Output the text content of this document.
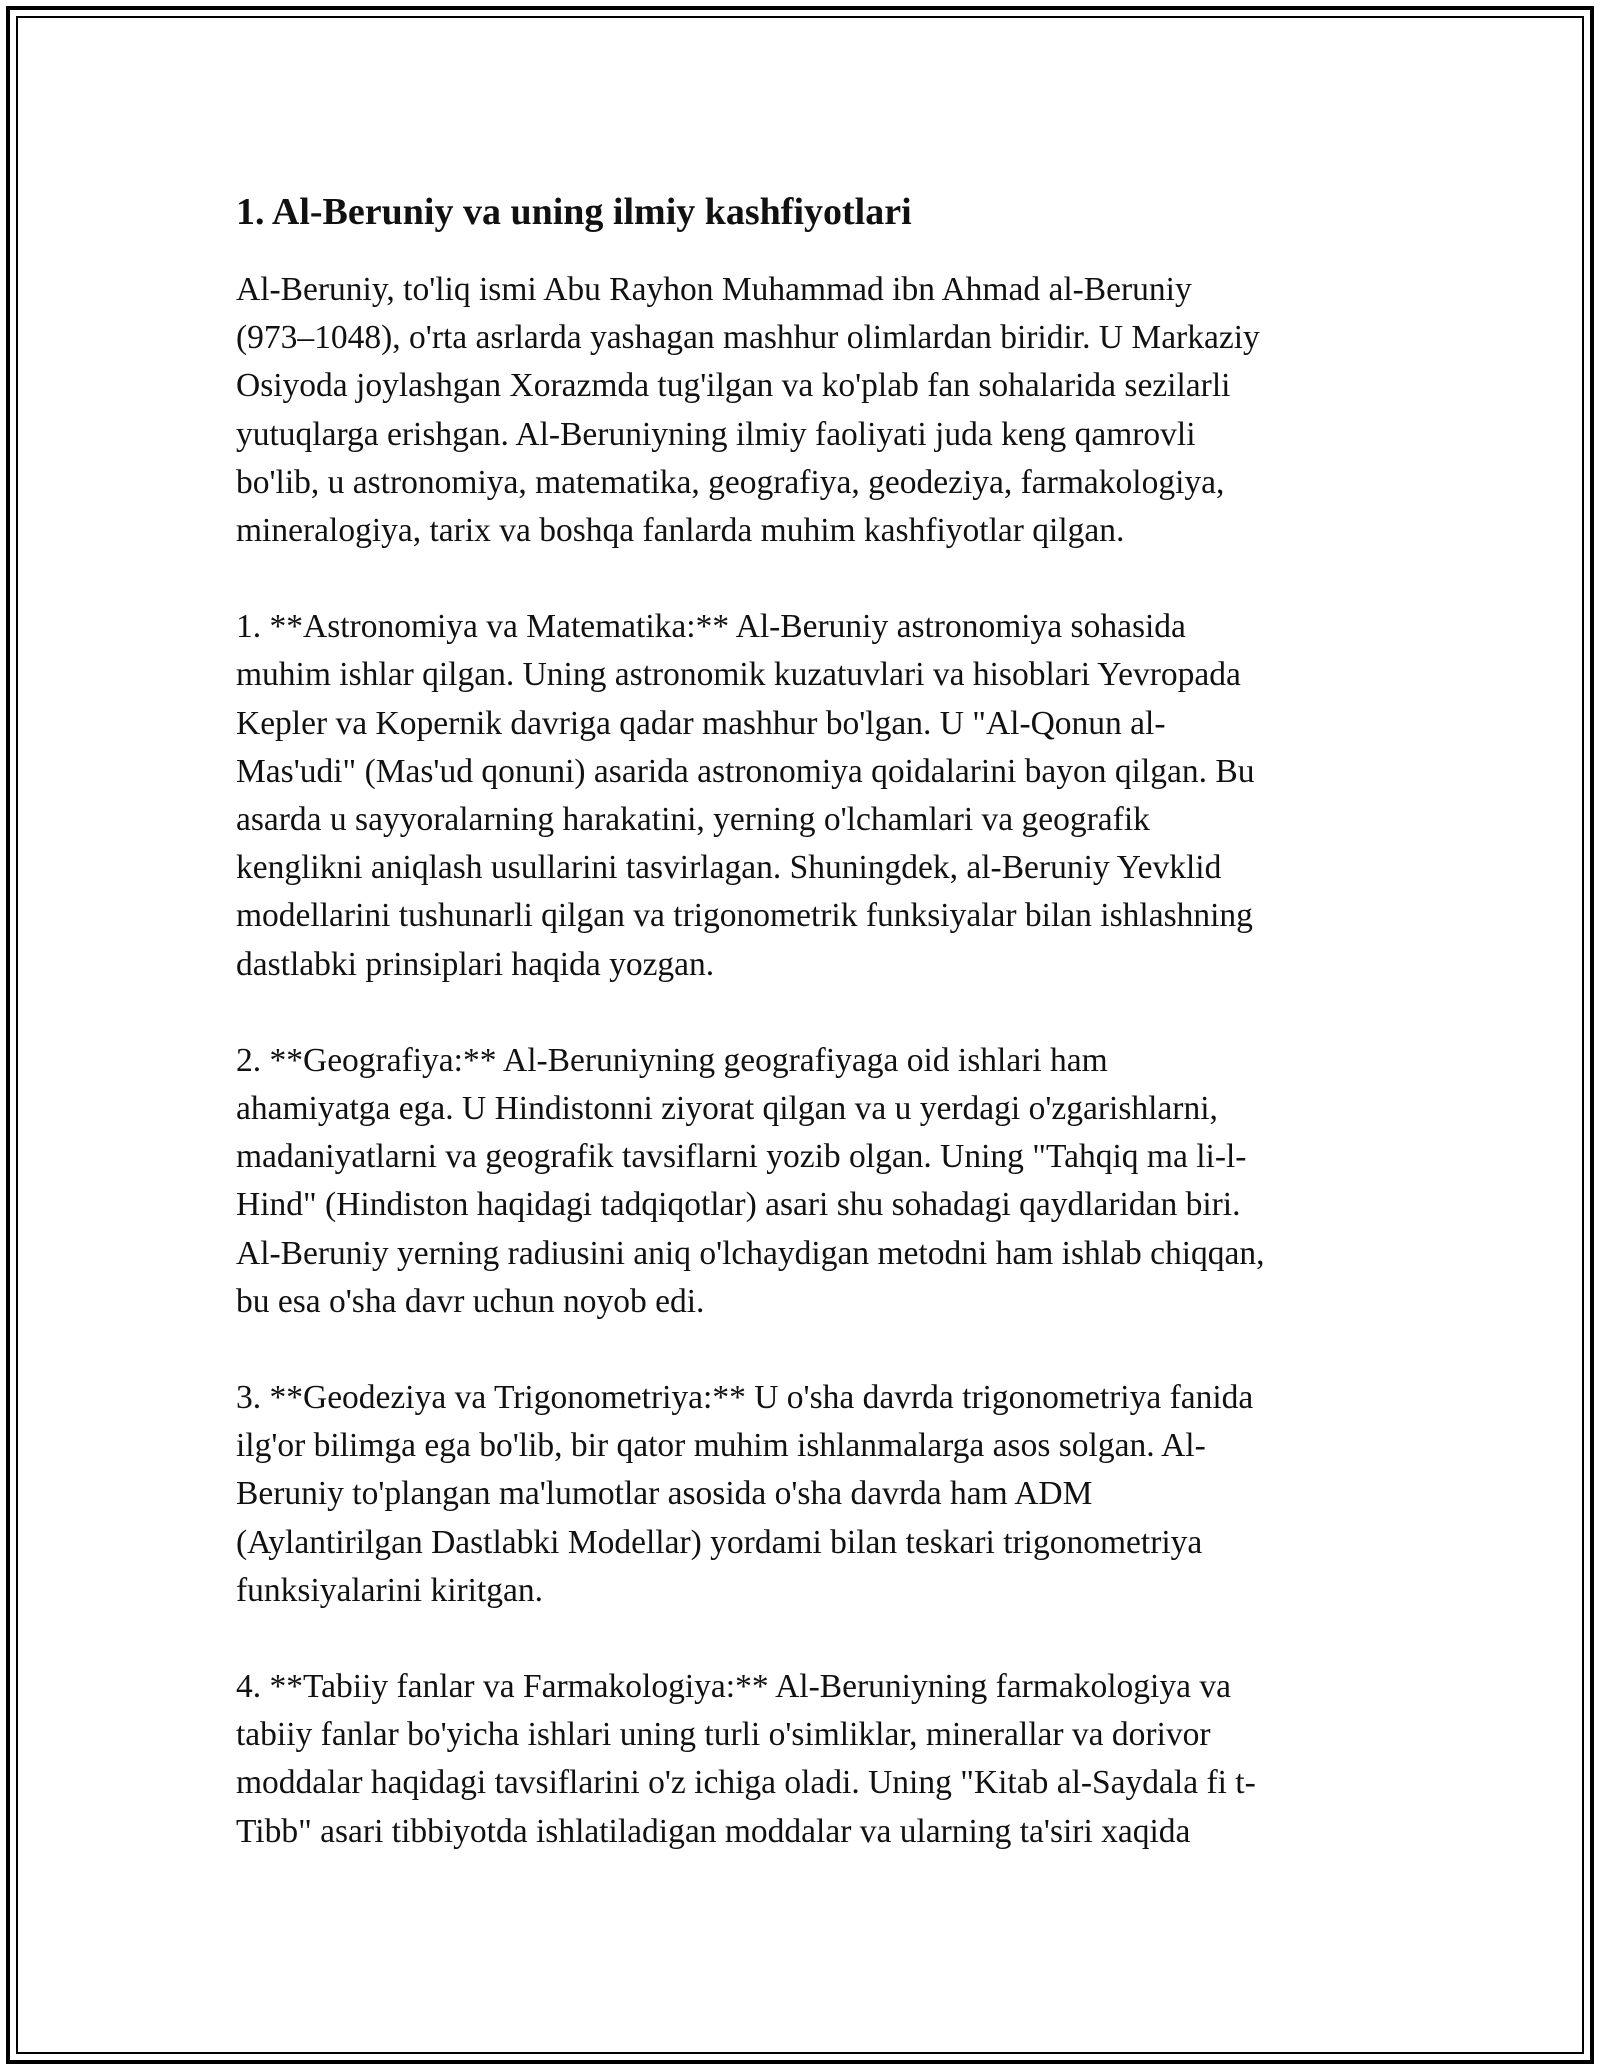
1. Al-Beruniy va uning ilmiy kashfiyotlari

Al-Beruniy, to'liq ismi Abu Rayhon Muhammad ibn Ahmad al-Beruniy
(973–1048), o'rta asrlarda yashagan mashhur olimlardan biridir. U Markaziy
Osiyoda joylashgan Xorazmda tug'ilgan va ko'plab fan sohalarida sezilarli
yutuqlarga erishgan. Al-Beruniyning ilmiy faoliyati juda keng qamrovli
bo'lib, u astronomiya, matematika, geografiya, geodeziya, farmakologiya,
mineralogiya, tarix va boshqa fanlarda muhim kashfiyotlar qilgan.

1. **Astronomiya va Matematika:** Al-Beruniy astronomiya sohasida
muhim ishlar qilgan. Uning astronomik kuzatuvlari va hisoblari Yevropada
Kepler va Kopernik davriga qadar mashhur bo'lgan. U "Al-Qonun al-
Mas'udi" (Mas'ud qonuni) asarida astronomiya qoidalarini bayon qilgan. Bu
asarda u sayyoralarning harakatini, yerning o'lchamlari va geografik
kenglikni aniqlash usullarini tasvirlagan. Shuningdek, al-Beruniy Yevklid
modellarini tushunarli qilgan va trigonometrik funksiyalar bilan ishlashning
dastlabki prinsiplari haqida yozgan.

2. **Geografiya:** Al-Beruniyning geografiyaga oid ishlari ham
ahamiyatga ega. U Hindistonni ziyorat qilgan va u yerdagi o'zgarishlarni,
madaniyatlarni va geografik tavsiflarni yozib olgan. Uning "Tahqiq ma li-l-
Hind" (Hindiston haqidagi tadqiqotlar) asari shu sohadagi qaydlaridan biri.
Al-Beruniy yerning radiusini aniq o'lchaydigan metodni ham ishlab chiqqan,
bu esa o'sha davr uchun noyob edi.

3. **Geodeziya va Trigonometriya:** U o'sha davrda trigonometriya fanida
ilg'or bilimga ega bo'lib, bir qator muhim ishlanmalarga asos solgan. Al-
Beruniy to'plangan ma'lumotlar asosida o'sha davrda ham ADM
(Aylantirilgan Dastlabki Modellar) yordami bilan teskari trigonometriya
funksiyalarini kiritgan.

4. **Tabiiy fanlar va Farmakologiya:** Al-Beruniyning farmakologiya va
tabiiy fanlar bo'yicha ishlari uning turli o'simliklar, minerallar va dorivor
moddalar haqidagi tavsiflarini o'z ichiga oladi. Uning "Kitab al-Saydala fi t-
Tibb" asari tibbiyotda ishlatiladigan moddalar va ularning ta'siri xaqida
